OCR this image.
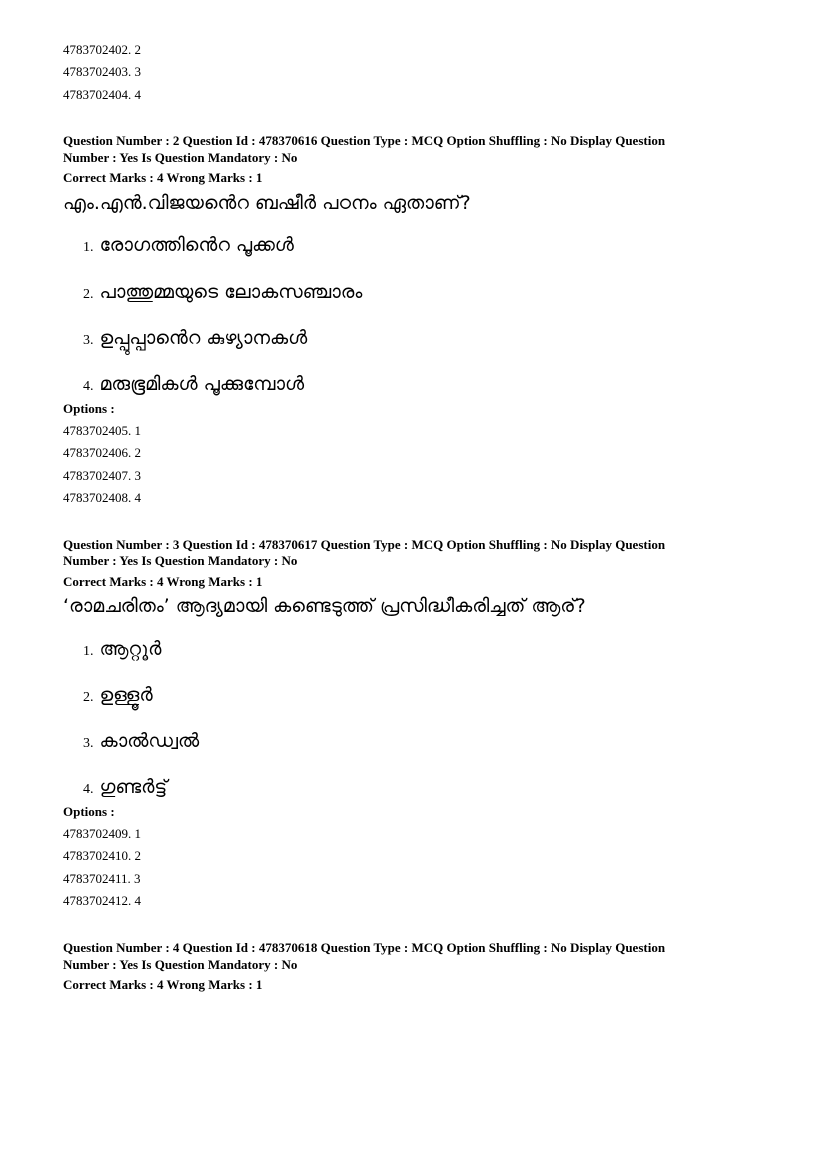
4783702402. 2
4783702403. 3
4783702404. 4
Question Number : 2 Question Id : 478370616 Question Type : MCQ Option Shuffling : No Display Question
Number : Yes Is Question Mandatory : No
Correct Marks : 4 Wrong Marks : 1
എം.എൻ.വിജയൻെറ ബഷീർ പഠനം ഏതാണ്?
1. രോഗത്തിൻെറ പൂക്കൾ
2. പാത്തുമ്മയുടെ ലോകസഞ്ചാരം
3. ഉപ്പുപ്പാൻെറ കുഴ്യാനകൾ
4. മരുഭൂമികൾ പൂക്കുമ്പോൾ
Options :
4783702405. 1
4783702406. 2
4783702407. 3
4783702408. 4
Question Number : 3 Question Id : 478370617 Question Type : MCQ Option Shuffling : No Display Question
Number : Yes Is Question Mandatory : No
Correct Marks : 4 Wrong Marks : 1
‘രാമചരിതം’ ആദ്യമായി കണ്ടെടുത്ത് പ്രസിദ്ധീകരിച്ചത് ആര്?
1. ആറ്റൂർ
2. ഉള്ളൂർ
3. കാൽഡ്വൽ
4. ഗുണ്ടർട്ട്
Options :
4783702409. 1
4783702410. 2
4783702411. 3
4783702412. 4
Question Number : 4 Question Id : 478370618 Question Type : MCQ Option Shuffling : No Display Question
Number : Yes Is Question Mandatory : No
Correct Marks : 4 Wrong Marks : 1
